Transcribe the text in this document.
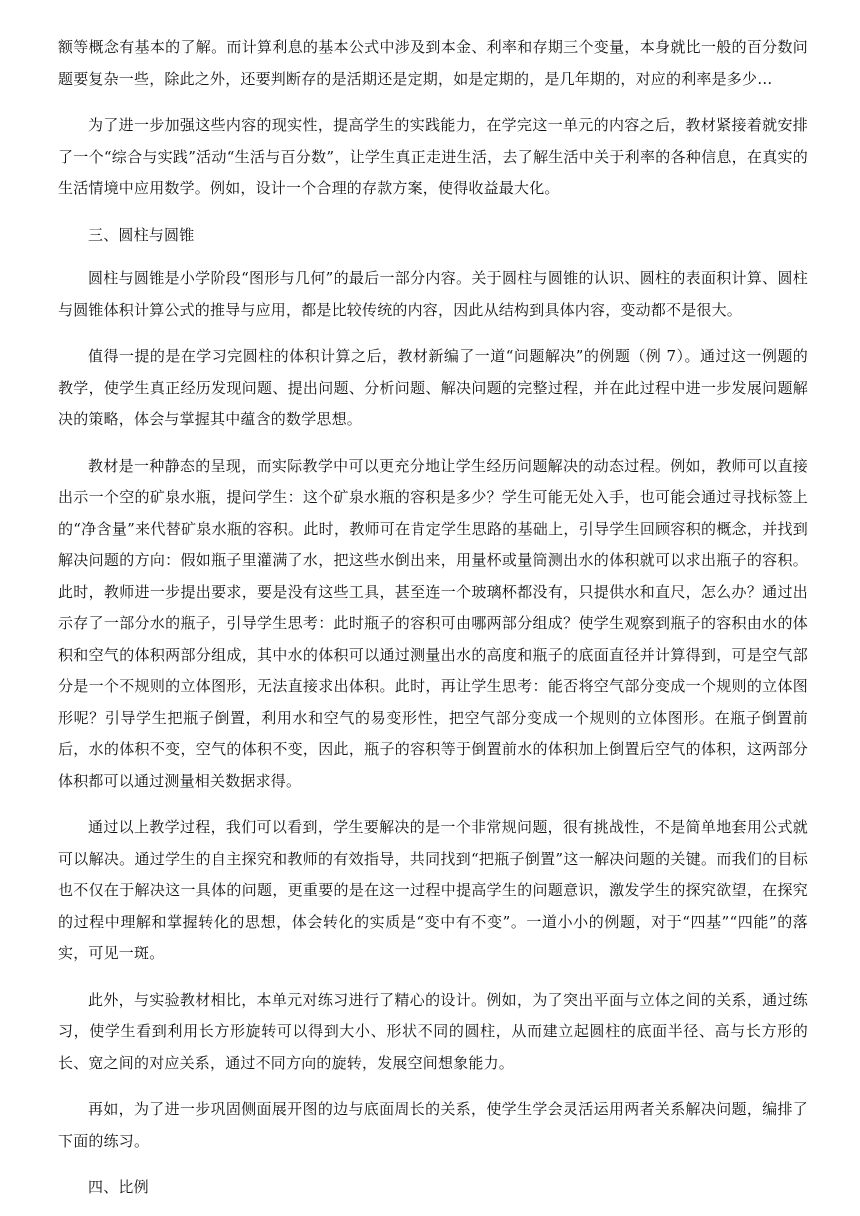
额等概念有基本的了解。而计算利息的基本公式中涉及到本金、利率和存期三个变量，本身就比一般的百分数问题要复杂一些，除此之外，还要判断存的是活期还是定期，如是定期的，是几年期的，对应的利率是多少…

为了进一步加强这些内容的现实性，提高学生的实践能力，在学完这一单元的内容之后，教材紧接着就安排了一个“综合与实践”活动“生活与百分数”，让学生真正走进生活，去了解生活中关于利率的各种信息，在真实的生活情境中应用数学。例如，设计一个合理的存款方案，使得收益最大化。

三、圆柱与圆锥

圆柱与圆锥是小学阶段“图形与几何”的最后一部分内容。关于圆柱与圆锥的认识、圆柱的表面积计算、圆柱与圆锥体积计算公式的推导与应用，都是比较传统的内容，因此从结构到具体内容，变动都不是很大。

值得一提的是在学习完圆柱的体积计算之后，教材新编了一道“问题解决”的例题（例 7）。通过这一例题的教学，使学生真正经历发现问题、提出问题、分析问题、解决问题的完整过程，并在此过程中进一步发展问题解决的策略，体会与掌握其中蕴含的数学思想。

教材是一种静态的呈现，而实际教学中可以更充分地让学生经历问题解决的动态过程。例如，教师可以直接出示一个空的矿泉水瓶，提问学生：这个矿泉水瓶的容积是多少？学生可能无处入手，也可能会通过寻找标签上的“净含量”来代替矿泉水瓶的容积。此时，教师可在肯定学生思路的基础上，引导学生回顾容积的概念，并找到解决问题的方向：假如瓶子里灌满了水，把这些水倒出来，用量杯或量筒测出水的体积就可以求出瓶子的容积。此时，教师进一步提出要求，要是没有这些工具，甚至连一个玻璃杯都没有，只提供水和直尺，怎么办？通过出示存了一部分水的瓶子，引导学生思考：此时瓶子的容积可由哪两部分组成？使学生观察到瓶子的容积由水的体积和空气的体积两部分组成，其中水的体积可以通过测量出水的高度和瓶子的底面直径并计算得到，可是空气部分是一个不规则的立体图形，无法直接求出体积。此时，再让学生思考：能否将空气部分变成一个规则的立体图形呢？引导学生把瓶子倒置，利用水和空气的易变形性，把空气部分变成一个规则的立体图形。在瓶子倒置前后，水的体积不变，空气的体积不变，因此，瓶子的容积等于倒置前水的体积加上倒置后空气的体积，这两部分体积都可以通过测量相关数据求得。

通过以上教学过程，我们可以看到，学生要解决的是一个非常规问题，很有挑战性，不是简单地套用公式就可以解决。通过学生的自主探究和教师的有效指导，共同找到“把瓶子倒置”这一解决问题的关键。而我们的目标也不仅在于解决这一具体的问题，更重要的是在这一过程中提高学生的问题意识，激发学生的探究欲望，在探究的过程中理解和掌握转化的思想，体会转化的实质是“变中有不变”。一道小小的例题，对于“四基”“四能”的落实，可见一斑。

此外，与实验教材相比，本单元对练习进行了精心的设计。例如，为了突出平面与立体之间的关系，通过练习，使学生看到利用长方形旋转可以得到大小、形状不同的圆柱，从而建立起圆柱的底面半径、高与长方形的长、宽之间的对应关系，通过不同方向的旋转，发展空间想象能力。

再如，为了进一步巩固侧面展开图的边与底面周长的关系，使学生学会灵活运用两者关系解决问题，编排了下面的练习。

四、比例
